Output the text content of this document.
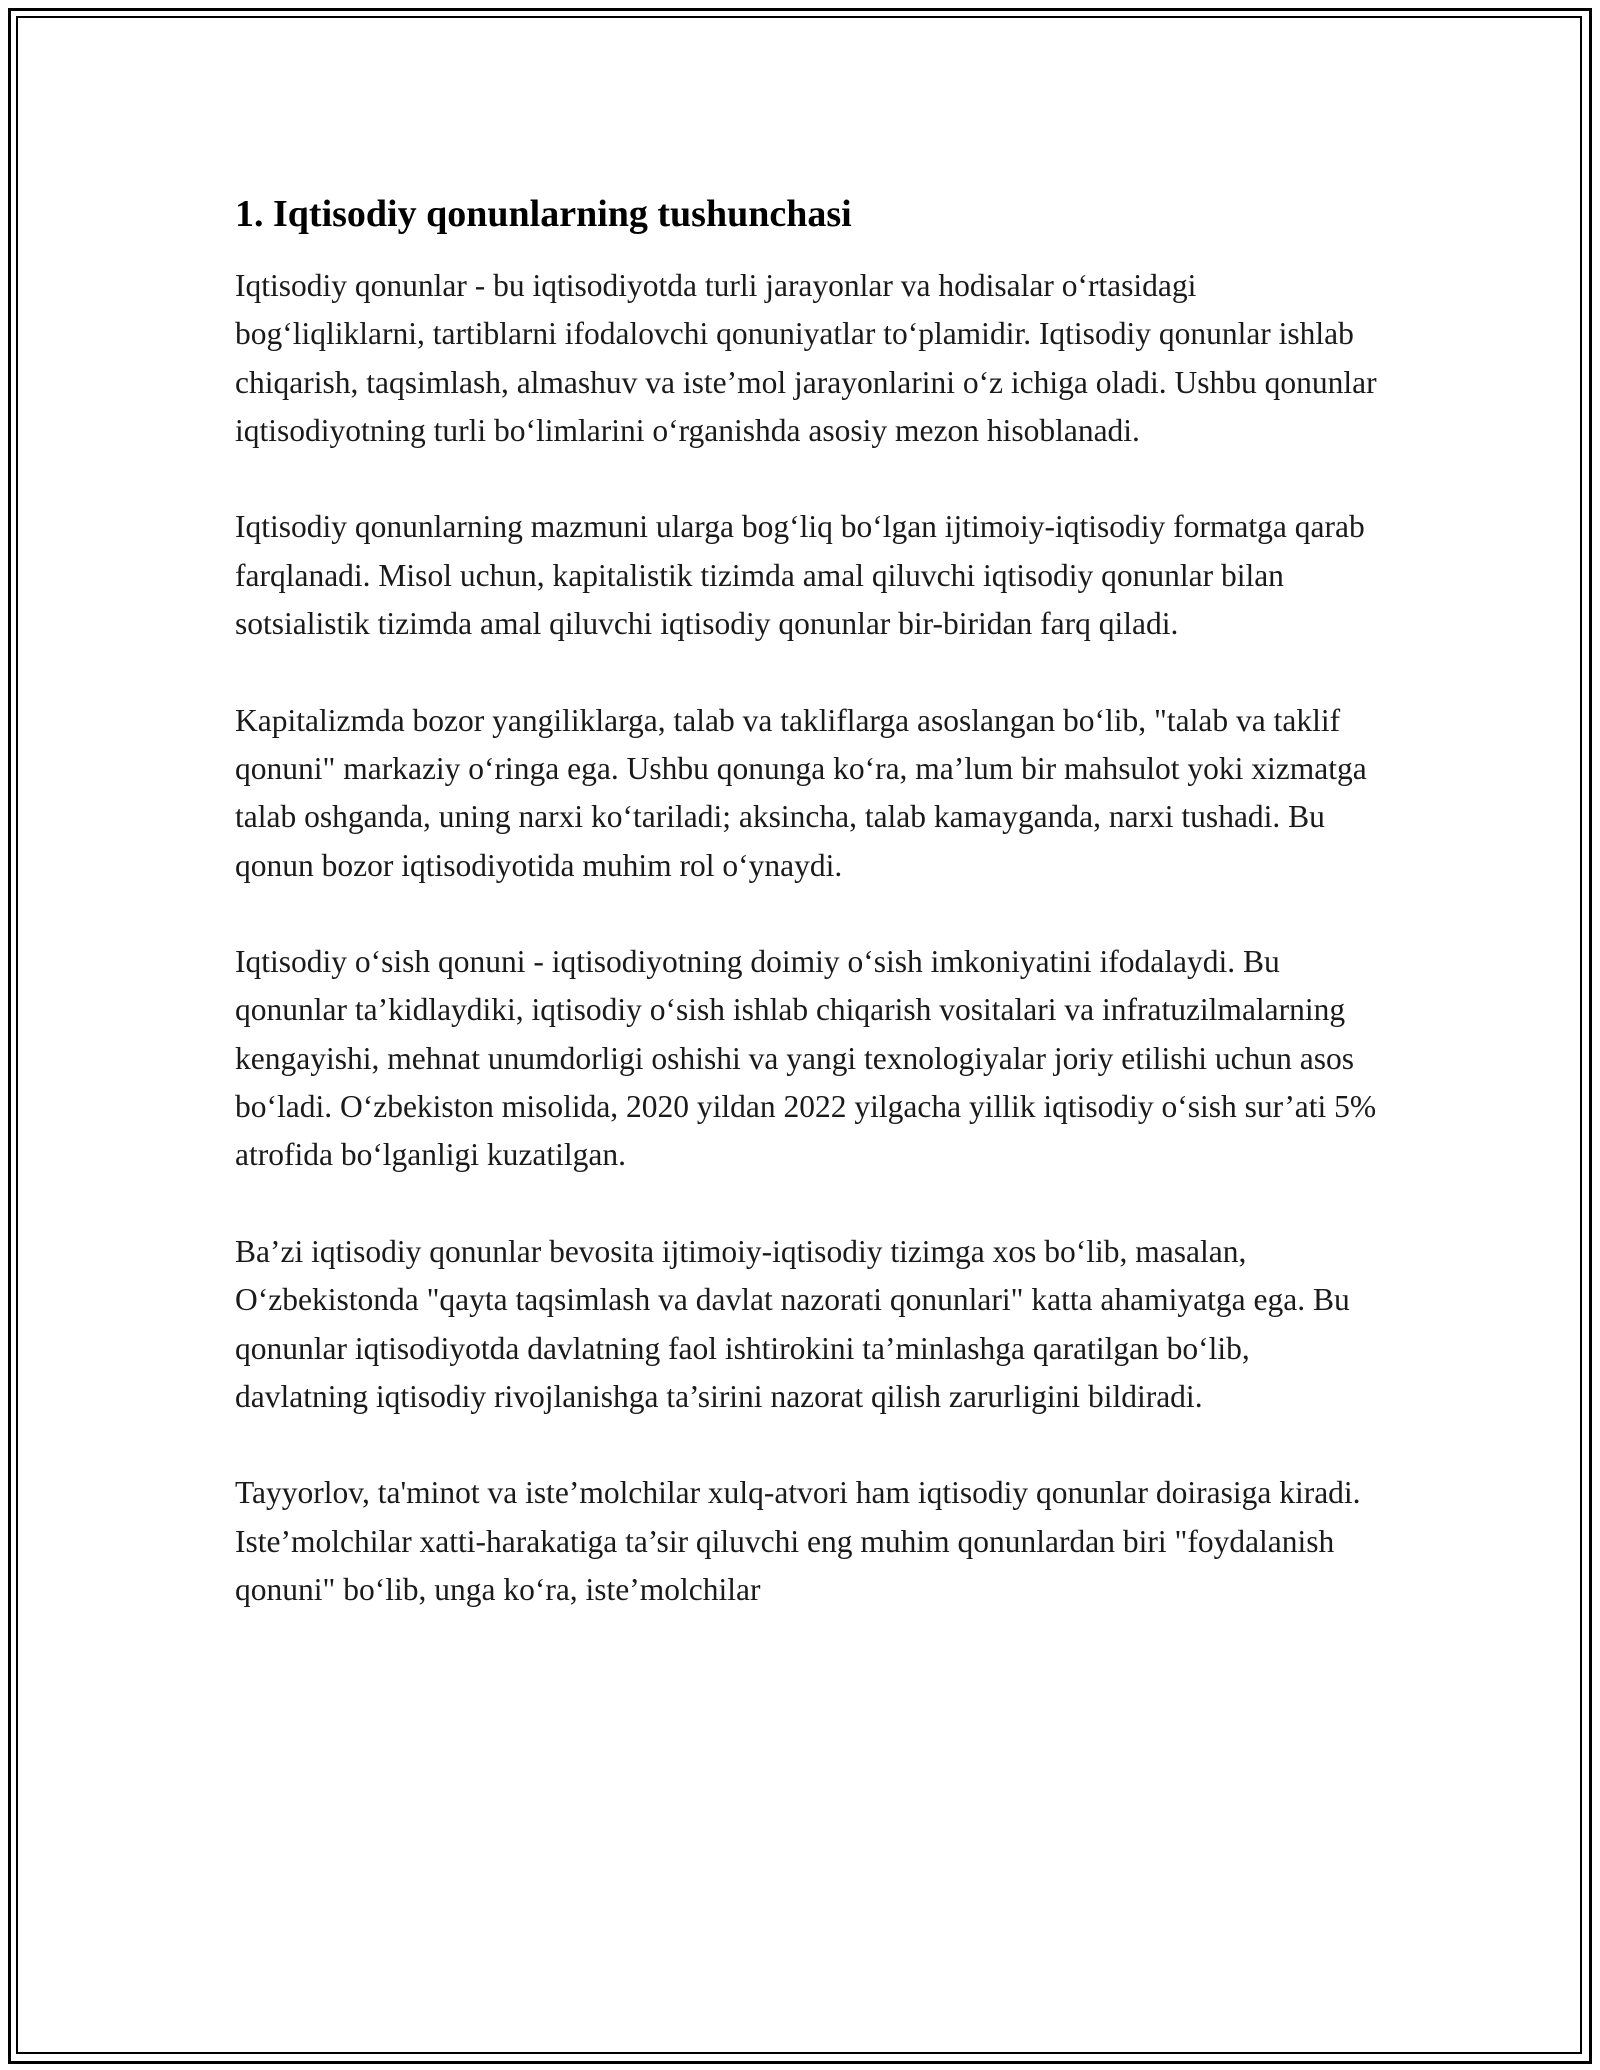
1. Iqtisodiy qonunlarning tushunchasi

Iqtisodiy qonunlar - bu iqtisodiyotda turli jarayonlar va hodisalar o‘rtasidagi bog‘liqliklarni, tartiblarni ifodalovchi qonuniyatlar to‘plamidir. Iqtisodiy qonunlar ishlab chiqarish, taqsimlash, almashuv va iste’mol jarayonlarini o‘z ichiga oladi. Ushbu qonunlar iqtisodiyotning turli bo‘limlarini o‘rganishda asosiy mezon hisoblanadi.

Iqtisodiy qonunlarning mazmuni ularga bog‘liq bo‘lgan ijtimoiy-iqtisodiy formatga qarab farqlanadi. Misol uchun, kapitalistik tizimda amal qiluvchi iqtisodiy qonunlar bilan sotsialistik tizimda amal qiluvchi iqtisodiy qonunlar bir-biridan farq qiladi.

Kapitalizmda bozor yangiliklarga, talab va takliflarga asoslangan bo‘lib, "talab va taklif qonuni" markaziy o‘ringa ega. Ushbu qonunga ko‘ra, ma’lum bir mahsulot yoki xizmatga talab oshganda, uning narxi ko‘tariladi; aksincha, talab kamayganda, narxi tushadi. Bu qonun bozor iqtisodiyotida muhim rol o‘ynaydi.

Iqtisodiy o‘sish qonuni - iqtisodiyotning doimiy o‘sish imkoniyatini ifodalaydi. Bu qonunlar ta’kidlaydiki, iqtisodiy o‘sish ishlab chiqarish vositalari va infratuzilmalarning kengayishi, mehnat unumdorligi oshishi va yangi texnologiyalar joriy etilishi uchun asos bo‘ladi. O‘zbekiston misolida, 2020 yildan 2022 yilgacha yillik iqtisodiy o‘sish sur’ati 5% atrofida bo‘lganligi kuzatilgan.

Ba’zi iqtisodiy qonunlar bevosita ijtimoiy-iqtisodiy tizimga xos bo‘lib, masalan, O‘zbekistonda "qayta taqsimlash va davlat nazorati qonunlari" katta ahamiyatga ega. Bu qonunlar iqtisodiyotda davlatning faol ishtirokini ta’minlashga qaratilgan bo‘lib, davlatning iqtisodiy rivojlanishga ta’sirini nazorat qilish zarurligini bildiradi.

Tayyorlov, ta'minot va iste’molchilar xulq-atvori ham iqtisodiy qonunlar doirasiga kiradi. Iste’molchilar xatti-harakatiga ta’sir qiluvchi eng muhim qonunlardan biri "foydalanish qonuni" bo‘lib, unga ko‘ra, iste’molchilar
